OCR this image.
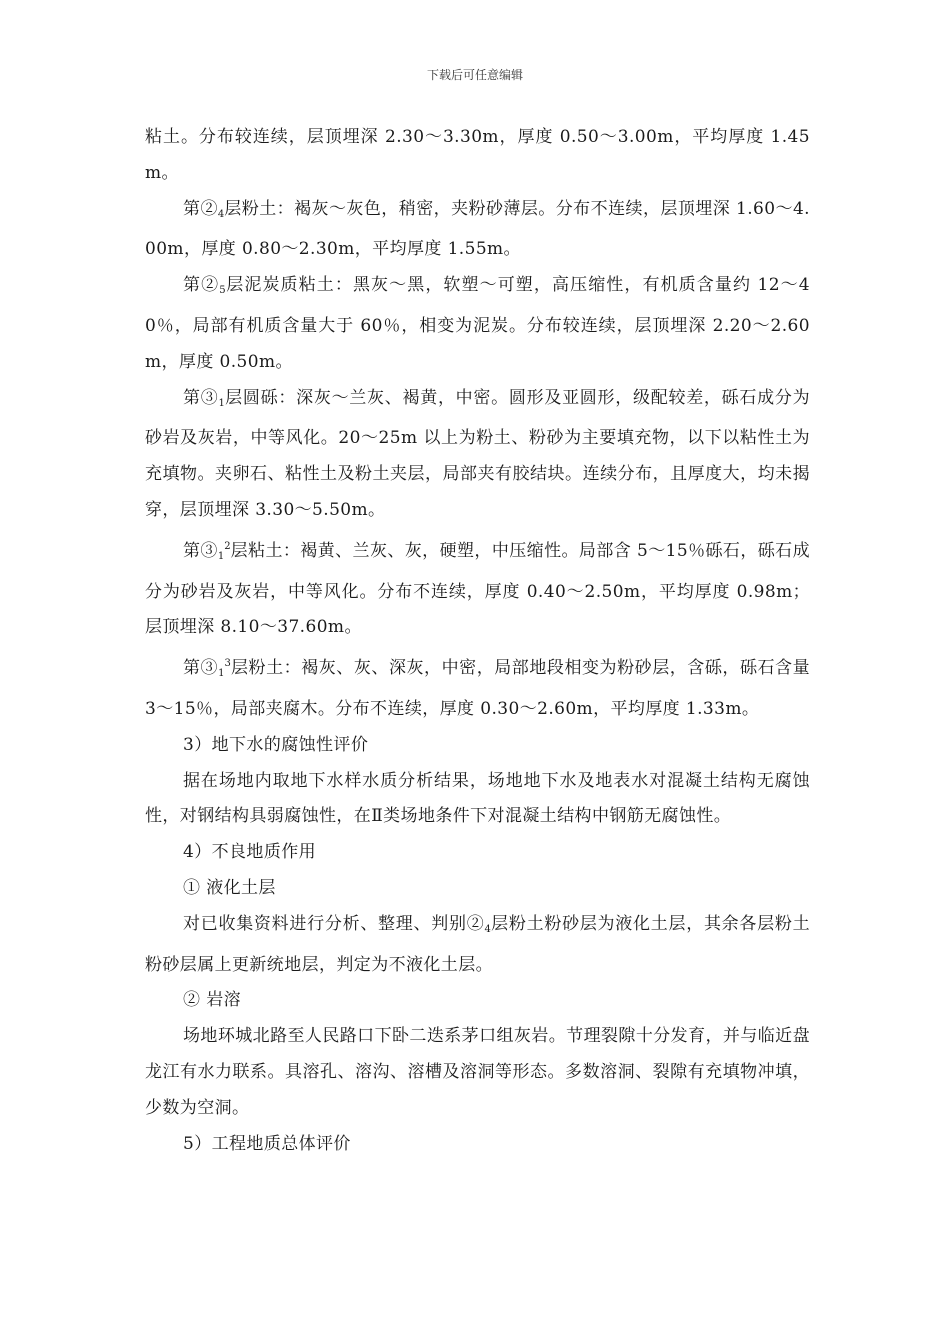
下载后可任意编辑

粘土。分布较连续，层顶埋深 2.30～3.30m，厚度 0.50～3.00m，平均厚度 1.45m。

第$②_4$层粉土：褐灰～灰色，稍密，夹粉砂薄层。分布不连续，层顶埋深 1.60～4.00m，厚度 0.80～2.30m，平均厚度 1.55m。

第$②_5$层泥炭质粘土：黑灰～黑，软塑～可塑，高压缩性，有机质含量约 12～40％，局部有机质含量大于 60％，相变为泥炭。分布较连续，层顶埋深 2.20～2.60m，厚度 0.50m。

第$③_1$层圆砾：深灰～兰灰、褐黄，中密。圆形及亚圆形，级配较差，砾石成分为砂岩及灰岩，中等风化。20～25m 以上为粉土、粉砂为主要填充物，以下以粘性土为充填物。夹卵石、粘性土及粉土夹层，局部夹有胶结块。连续分布，且厚度大，均未揭穿，层顶埋深 3.30～5.50m。

第$③_1^2$层粘土：褐黄、兰灰、灰，硬塑，中压缩性。局部含 5～15％砾石，砾石成分为砂岩及灰岩，中等风化。分布不连续，厚度 0.40～2.50m，平均厚度 0.98m；层顶埋深 8.10～37.60m。

第$③_1^3$层粉土：褐灰、灰、深灰，中密，局部地段相变为粉砂层，含砾，砾石含量 3～15％，局部夹腐木。分布不连续，厚度 0.30～2.60m，平均厚度 1.33m。

3）地下水的腐蚀性评价

据在场地内取地下水样水质分析结果，场地地下水及地表水对混凝土结构无腐蚀性，对钢结构具弱腐蚀性，在Ⅱ类场地条件下对混凝土结构中钢筋无腐蚀性。

4）不良地质作用

① 液化土层

对已收集资料进行分析、整理、判别$②_4$层粉土粉砂层为液化土层，其余各层粉土粉砂层属上更新统地层，判定为不液化土层。

② 岩溶

场地环城北路至人民路口下卧二迭系茅口组灰岩。节理裂隙十分发育，并与临近盘龙江有水力联系。具溶孔、溶沟、溶槽及溶洞等形态。多数溶洞、裂隙有充填物冲填，少数为空洞。

5）工程地质总体评价
